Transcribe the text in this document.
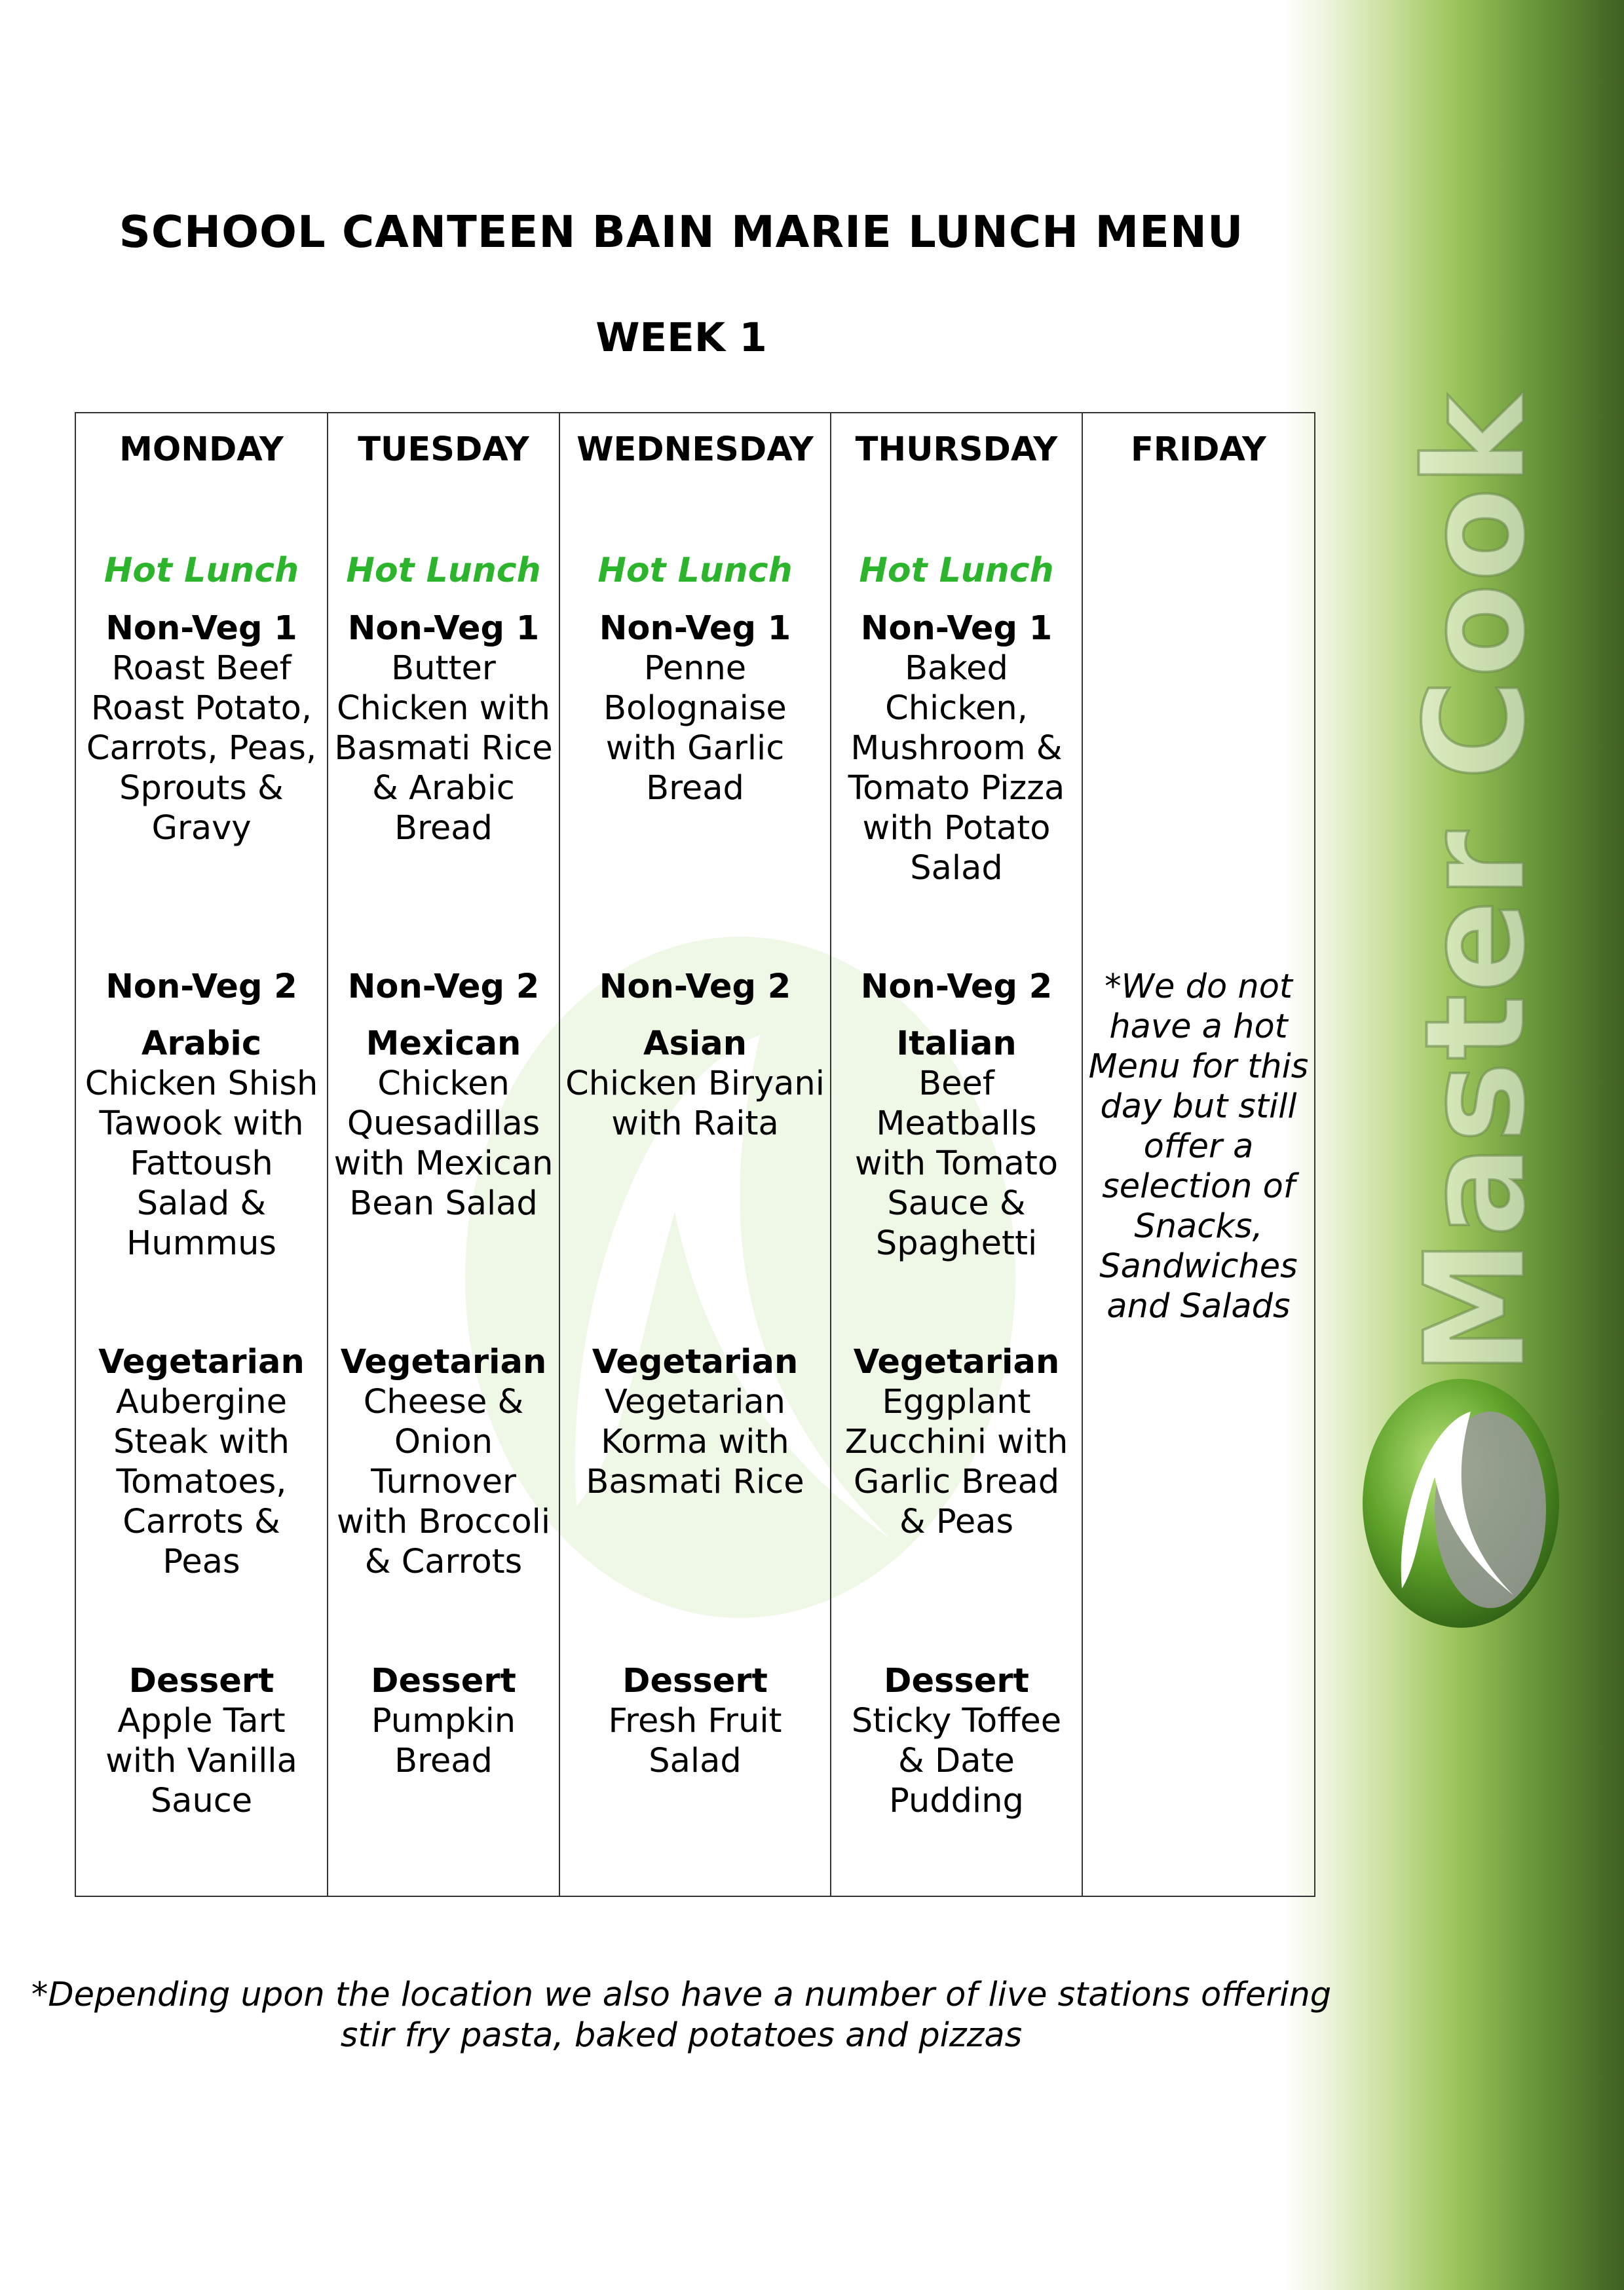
Master Cook
SCHOOL CANTEEN BAIN MARIE LUNCH MENU
WEEK 1
MONDAY
Hot Lunch
Non-Veg 1
Roast Beef Roast Potato, Carrots, Peas, Sprouts & Gravy
Non-Veg 2
Arabic
Chicken Shish Tawook with Fattoush Salad & Hummus
Vegetarian
Aubergine Steak with Tomatoes, Carrots & Peas
Dessert
Apple Tart with Vanilla Sauce
TUESDAY
Hot Lunch
Non-Veg 1
Butter Chicken with Basmati Rice & Arabic Bread
Non-Veg 2
Mexican
Chicken Quesadillas with Mexican Bean Salad
Vegetarian
Cheese & Onion Turnover with Broccoli & Carrots
Dessert
Pumpkin Bread
WEDNESDAY
Hot Lunch
Non-Veg 1
Penne Bolognaise with Garlic Bread
Non-Veg 2
Asian
Chicken Biryani with Raita
Vegetarian
Vegetarian Korma with Basmati Rice
Dessert
Fresh Fruit Salad
THURSDAY
Hot Lunch
Non-Veg 1
Baked Chicken, Mushroom & Tomato Pizza with Potato Salad
Non-Veg 2
Italian
Beef Meatballs with Tomato Sauce & Spaghetti
Vegetarian
Eggplant Zucchini with Garlic Bread & Peas
Dessert
Sticky Toffee & Date Pudding
FRIDAY
*We do not have a hot Menu for this day but still offer a selection of Snacks, Sandwiches and Salads
*Depending upon the location we also have a number of live stations offering stir fry pasta, baked potatoes and pizzas
